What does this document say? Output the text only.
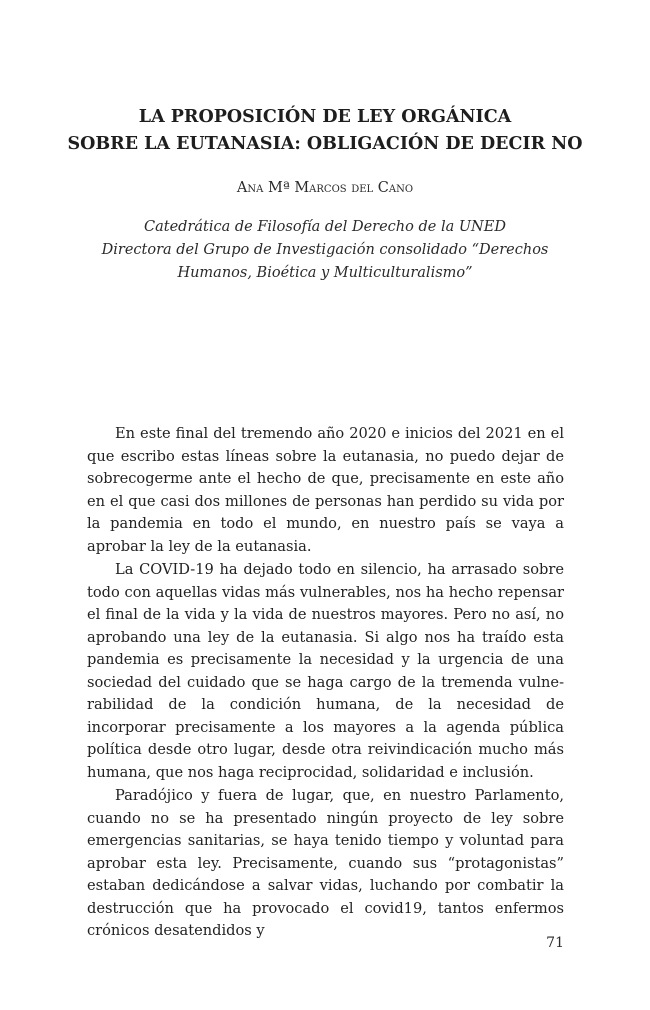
LA PROPOSICIÓN DE LEY ORGÁNICA
SOBRE LA EUTANASIA: OBLIGACIÓN DE DECIR NO
Ana Mª Marcos del Cano
Catedrática de Filosofía del Derecho de la UNED
Directora del Grupo de Investigación consolidado “Derechos
Humanos, Bioética y Multiculturalismo”

En este final del tremendo año 2020 e inicios del 2021 en el que escribo estas líneas sobre la eutanasia, no puedo dejar de sobrecogerme ante el hecho de que, precisamente en este año en el que casi dos millones de personas han perdido su vida por la pandemia en todo el mundo, en nuestro país se vaya a aprobar la ley de la eutanasia.

La COVID-19 ha dejado todo en silencio, ha arrasado sobre todo con aquellas vidas más vulnerables, nos ha hecho repensar el final de la vida y la vida de nuestros mayores. Pero no así, no aprobando una ley de la eutanasia. Si algo nos ha traído esta pandemia es precisamente la necesidad y la urgencia de una sociedad del cuidado que se haga cargo de la tremenda vulnerabilidad de la condición humana, de la necesidad de incorporar precisamente a los mayores a la agenda pública política desde otro lugar, desde otra reivindicación mucho más humana, que nos haga reciprocidad, solidaridad e inclusión.

Paradójico y fuera de lugar, que, en nuestro Parlamento, cuando no se ha presentado ningún proyecto de ley sobre emergencias sanitarias, se haya tenido tiempo y voluntad para aprobar esta ley. Precisamente, cuando sus “protagonistas” estaban dedicándose a salvar vidas, luchando por combatir la destrucción que ha provocado el covid19, tantos enfermos crónicos desatendidos y

71
